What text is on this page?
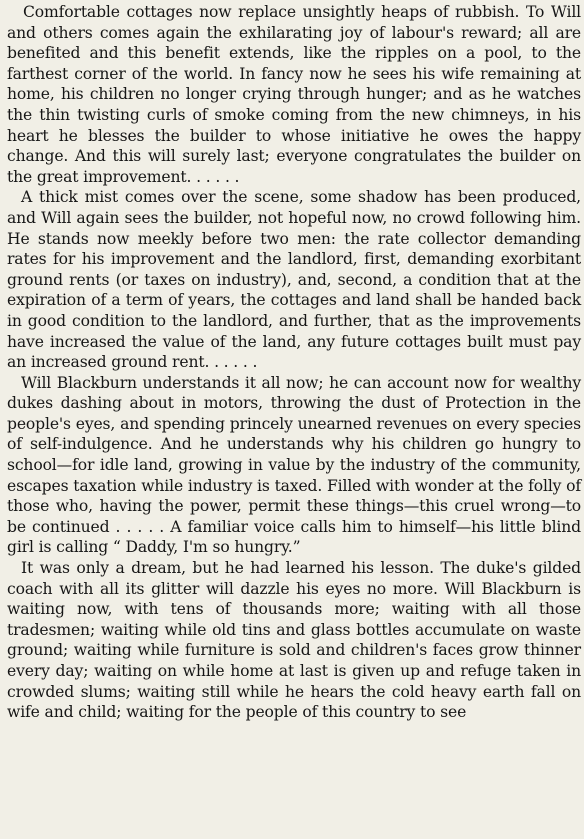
Comfortable cottages now replace unsightly heaps of rubbish. To Will and others comes again the exhilarating joy of labour's reward; all are benefited and this benefit extends, like the ripples on a pool, to the farthest corner of the world. In fancy now he sees his wife remaining at home, his children no longer crying through hunger; and as he watches the thin twisting curls of smoke coming from the new chimneys, in his heart he blesses the builder to whose initiative he owes the happy change. And this will surely last; everyone congratulates the builder on the great improvement. . . . . .

A thick mist comes over the scene, some shadow has been produced, and Will again sees the builder, not hopeful now, no crowd following him. He stands now meekly before two men: the rate collector demanding rates for his improvement and the landlord, first, demanding exorbitant ground rents (or taxes on industry), and, second, a condition that at the expiration of a term of years, the cottages and land shall be handed back in good condition to the landlord, and further, that as the improvements have increased the value of the land, any future cottages built must pay an increased ground rent. . . . . .

Will Blackburn understands it all now; he can account now for wealthy dukes dashing about in motors, throwing the dust of Protection in the people's eyes, and spending princely unearned revenues on every species of self-indulgence. And he understands why his children go hungry to school—for idle land, growing in value by the industry of the community, escapes taxation while industry is taxed. Filled with wonder at the folly of those who, having the power, permit these things—this cruel wrong—to be continued . . . . . A familiar voice calls him to himself—his little blind girl is calling “ Daddy, I'm so hungry.”

It was only a dream, but he had learned his lesson. The duke's gilded coach with all its glitter will dazzle his eyes no more. Will Blackburn is waiting now, with tens of thousands more; waiting with all those tradesmen; waiting while old tins and glass bottles accumulate on waste ground; waiting while furniture is sold and children's faces grow thinner every day; waiting on while home at last is given up and refuge taken in crowded slums; waiting still while he hears the cold heavy earth fall on wife and child; waiting for the people of this country to see
